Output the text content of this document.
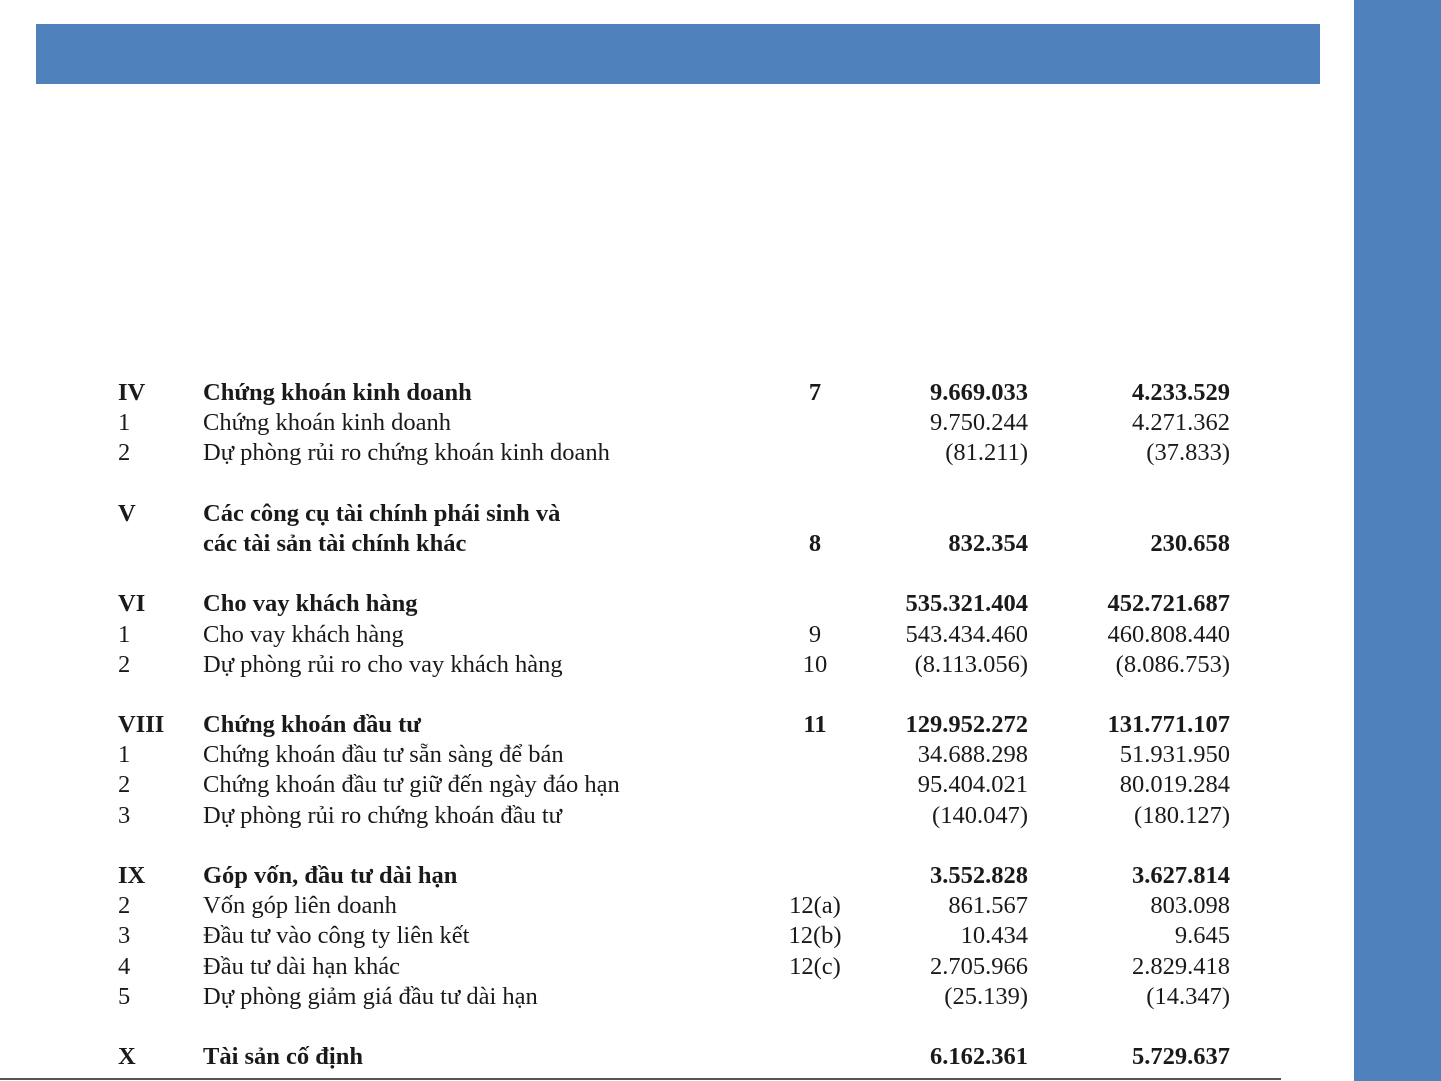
IV Chứng khoán kinh doanh	7	9.669.033	4.233.529
1	Chứng khoán kinh doanh	9.750.244	4.271.362
2	Dự phòng rủi ro chứng khoán kinh doanh	(81.211)	(37.833)
V	Các công cụ tài chính phái sinh và
các tài sản tài chính khác	8	832.354	230.658
VI Cho vay khách hàng	535.321.404	452.721.687
1	Cho vay khách hàng	9	543.434.460	460.808.440
2	Dự phòng rủi ro cho vay khách hàng	10	(8.113.056)	(8.086.753)
VIII Chứng khoán đầu tư	11	129.952.272	131.771.107
1	Chứng khoán đầu tư sẵn sàng để bán	34.688.298	51.931.950
2	Chứng khoán đầu tư giữ đến ngày đáo hạn	95.404.021	80.019.284
3	Dự phòng rủi ro chứng khoán đầu tư	(140.047)	(180.127)
IX Góp vốn, đầu tư dài hạn	3.552.828	3.627.814
2	Vốn góp liên doanh	12(a)	861.567	803.098
3	Đầu tư vào công ty liên kết	12(b)	10.434	9.645
4	Đầu tư dài hạn khác	12(c)	2.705.966	2.829.418
5	Dự phòng giảm giá đầu tư dài hạn	(25.139)	(14.347)
X	Tài sản cố định	6.162.361	5.729.637
